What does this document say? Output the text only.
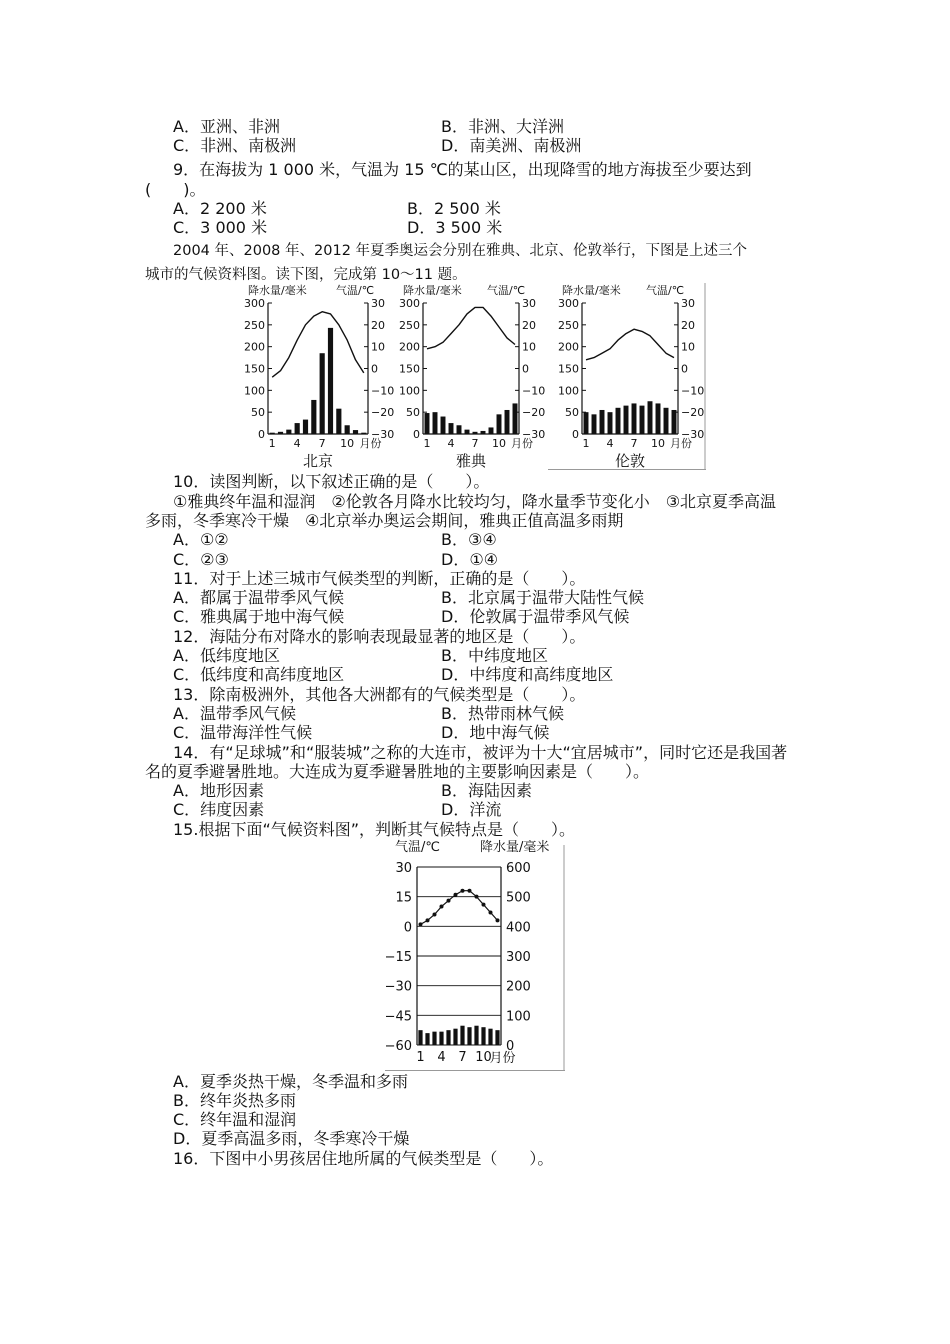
A．亚洲、非洲	B．非洲、大洋洲
C．非洲、南极洲	D．南美洲、南极洲
9．在海拔为 1 000 米，气温为 15 ℃的某山区，出现降雪的地方海拔至少要达到
(　　)。
A．2 200 米	B．2 500 米
C．3 000 米	D．3 500 米
2004 年、2008 年、2012 年夏季奥运会分别在雅典、北京、伦敦举行，下图是上述三个
城市的气候资料图。读下图，完成第 10～11 题。
降水量/毫米	气温/℃
300
250
200
150
100
50
0
30
20
10
0
−10
−20
−30
1 4 7 10 月份
北京
降水量/毫米 气温/℃
300
250
200
150
100
50
0
30
20
10
0
−10
−20
−30
1 4 7 10 月份
雅典
降水量/毫米 气温/℃
300
250
200
150
100
50
0
30
20
10
0
−10
−20
−30
1 4 7 10 月份
伦敦
10．读图判断，以下叙述正确的是（　　）。
①雅典终年温和湿润　②伦敦各月降水比较均匀，降水量季节变化小　③北京夏季高温
多雨，冬季寒冷干燥　④北京举办奥运会期间，雅典正值高温多雨期
A．①②	B．③④
C．②③	D．①④
11．对于上述三城市气候类型的判断，正确的是（　　）。
A．都属于温带季风气候	B．北京属于温带大陆性气候
C．雅典属于地中海气候	D．伦敦属于温带季风气候
12．海陆分布对降水的影响表现最显著的地区是（　　）。
A．低纬度地区	B．中纬度地区
C．低纬度和高纬度地区	D．中纬度和高纬度地区
13．除南极洲外，其他各大洲都有的气候类型是（　　）。
A．温带季风气候	B．热带雨林气候
C．温带海洋性气候	D．地中海气候
14．有“足球城”和“服装城”之称的大连市，被评为十大“宜居城市”，同时它还是我国著
名的夏季避暑胜地。大连成为夏季避暑胜地的主要影响因素是（　　）。
A．地形因素	B．海陆因素
C．纬度因素	D．洋流
15.根据下面“气候资料图”，判断其气候特点是（　　）。
气温/℃	降水量/毫米
30
15
0
−15
−30
−45
−60
600
500
400
300
200
100
0
1 4 7 10
月份
A．夏季炎热干燥，冬季温和多雨
B．终年炎热多雨
C．终年温和湿润
D．夏季高温多雨，冬季寒冷干燥
16．下图中小男孩居住地所属的气候类型是（　　）。
